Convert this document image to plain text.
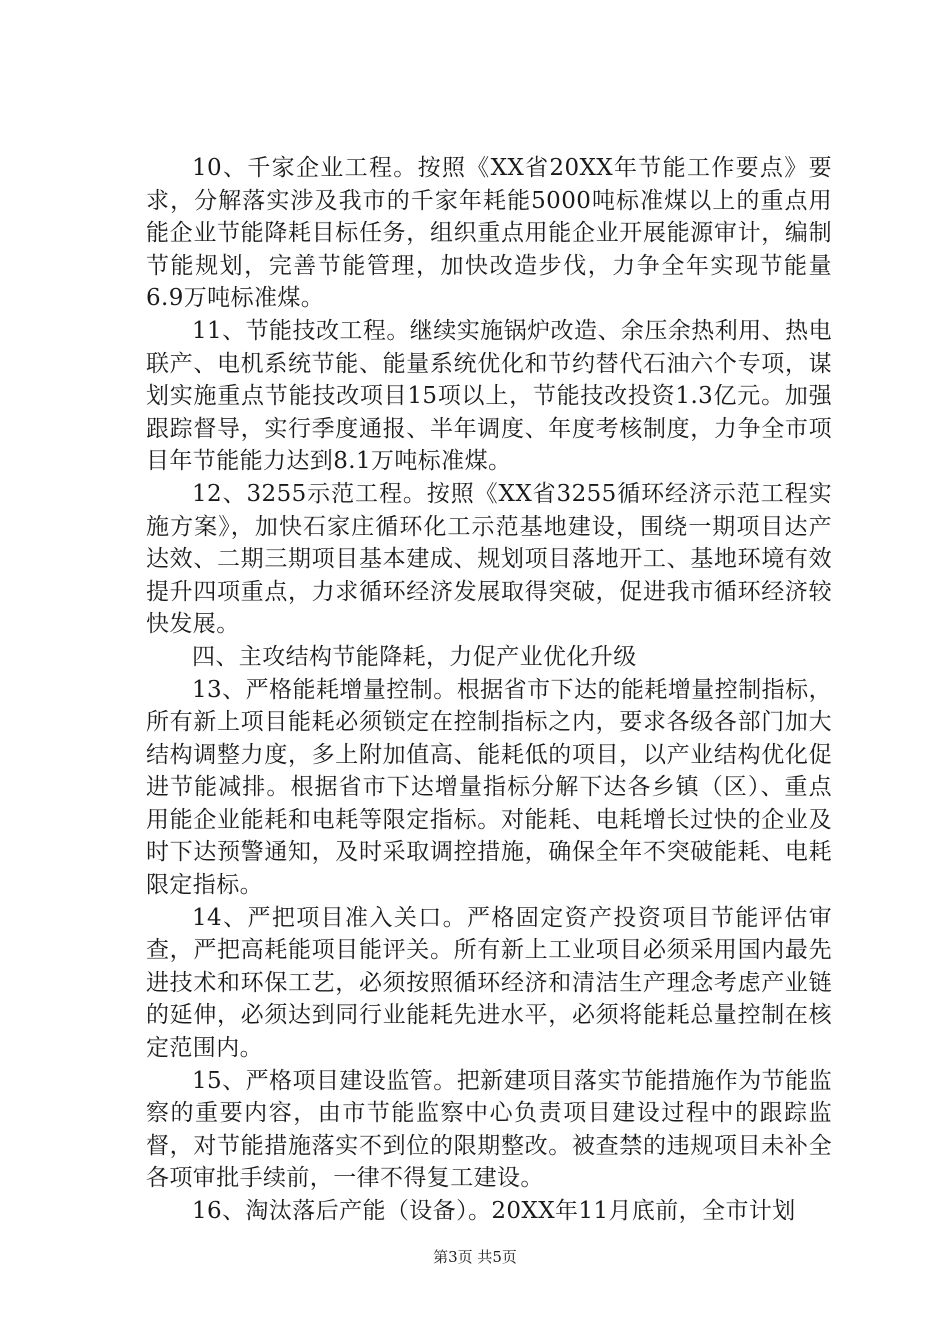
10、千家企业工程。按照《XX省20XX年节能工作要点》要求，分解落实涉及我市的千家年耗能5000吨标准煤以上的重点用能企业节能降耗目标任务，组织重点用能企业开展能源审计，编制节能规划，完善节能管理，加快改造步伐，力争全年实现节能量6.9万吨标准煤。

11、节能技改工程。继续实施锅炉改造、余压余热利用、热电联产、电机系统节能、能量系统优化和节约替代石油六个专项，谋划实施重点节能技改项目15项以上，节能技改投资1.3亿元。加强跟踪督导，实行季度通报、半年调度、年度考核制度，力争全市项目年节能能力达到8.1万吨标准煤。

12、3255示范工程。按照《XX省3255循环经济示范工程实施方案》，加快石家庄循环化工示范基地建设，围绕一期项目达产达效、二期三期项目基本建成、规划项目落地开工、基地环境有效提升四项重点，力求循环经济发展取得突破，促进我市循环经济较快发展。

四、主攻结构节能降耗，力促产业优化升级

13、严格能耗增量控制。根据省市下达的能耗增量控制指标，所有新上项目能耗必须锁定在控制指标之内，要求各级各部门加大结构调整力度，多上附加值高、能耗低的项目，以产业结构优化促进节能减排。根据省市下达增量指标分解下达各乡镇（区）、重点用能企业能耗和电耗等限定指标。对能耗、电耗增长过快的企业及时下达预警通知，及时采取调控措施，确保全年不突破能耗、电耗限定指标。

14、严把项目准入关口。严格固定资产投资项目节能评估审查，严把高耗能项目能评关。所有新上工业项目必须采用国内最先进技术和环保工艺，必须按照循环经济和清洁生产理念考虑产业链的延伸，必须达到同行业能耗先进水平，必须将能耗总量控制在核定范围内。

15、严格项目建设监管。把新建项目落实节能措施作为节能监察的重要内容，由市节能监察中心负责项目建设过程中的跟踪监督，对节能措施落实不到位的限期整改。被查禁的违规项目未补全各项审批手续前，一律不得复工建设。

16、淘汰落后产能（设备）。20XX年11月底前，全市计划

第3页 共5页
